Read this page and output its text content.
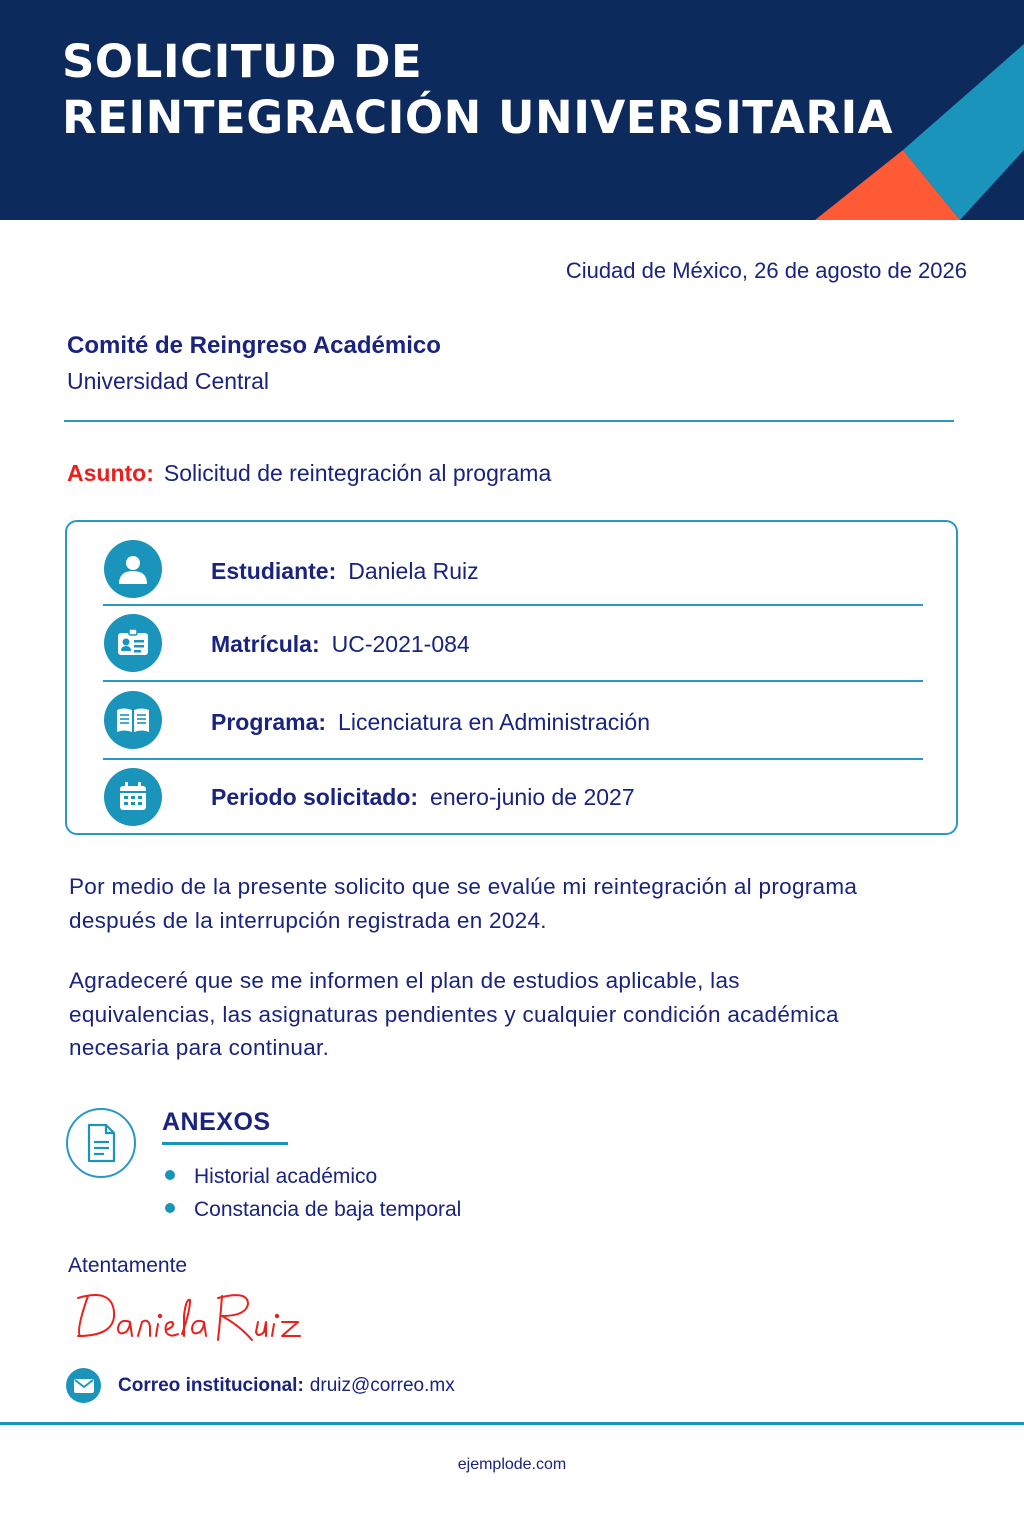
SOLICITUD DE
REINTEGRACIÓN UNIVERSITARIA
Ciudad de México, 26 de agosto de 2026
Comité de Reingreso Académico
Universidad Central
Asunto: Solicitud de reintegración al programa
Estudiante: Daniela Ruiz
Matrícula: UC-2021-084
Programa: Licenciatura en Administración
Periodo solicitado: enero-junio de 2027

Por medio de la presente solicito que se evalúe mi reintegración al programa después de la interrupción registrada en 2024.

Agradeceré que se me informen el plan de estudios aplicable, las equivalencias, las asignaturas pendientes y cualquier condición académica necesaria para continuar.

ANEXOS
Historial académico
Constancia de baja temporal
Atentamente
Correo institucional: druiz@correo.mx
ejemplode.com
